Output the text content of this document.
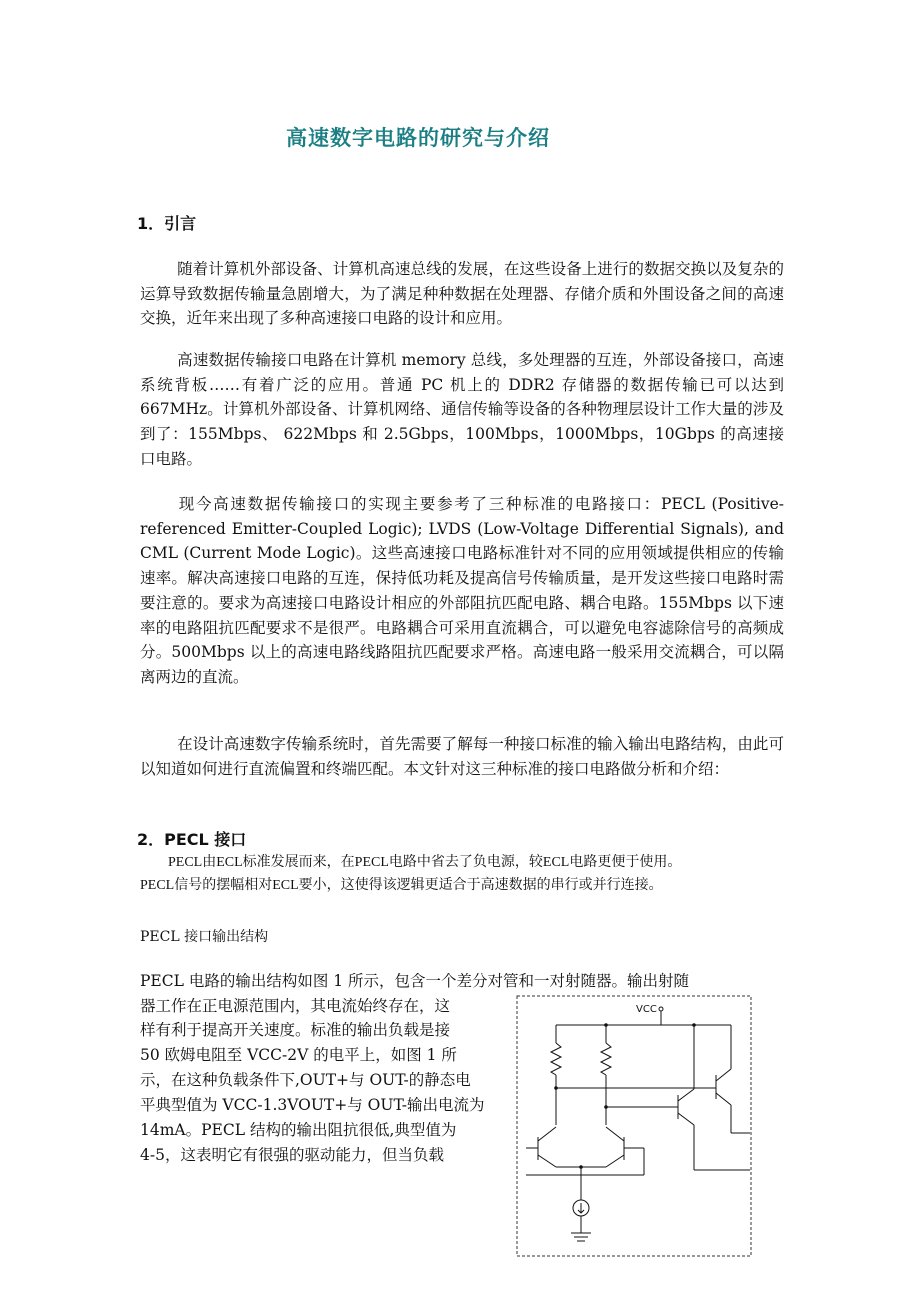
高速数字电路的研究与介绍
1．引言
随着计算机外部设备、计算机高速总线的发展，在这些设备上进行的数据交换以及复杂的运算导致数据传输量急剧增大，为了满足种种数据在处理器、存储介质和外围设备之间的高速交换，近年来出现了多种高速接口电路的设计和应用。
高速数据传输接口电路在计算机 memory 总线，多处理器的互连，外部设备接口，高速系统背板……有着广泛的应用。普通 PC 机上的 DDR2 存储器的数据传输已可以达到 667MHz。计算机外部设备、计算机网络、通信传输等设备的各种物理层设计工作大量的涉及到了：155Mbps、 622Mbps 和 2.5Gbps，100Mbps，1000Mbps，10Gbps 的高速接口电路。
现今高速数据传输接口的实现主要参考了三种标准的电路接口：PECL (Positive-referenced Emitter-Coupled Logic); LVDS (Low-Voltage Differential Signals), and CML (Current Mode Logic)。这些高速接口电路标准针对不同的应用领域提供相应的传输速率。解决高速接口电路的互连，保持低功耗及提高信号传输质量，是开发这些接口电路时需要注意的。要求为高速接口电路设计相应的外部阻抗匹配电路、耦合电路。155Mbps 以下速率的电路阻抗匹配要求不是很严。电路耦合可采用直流耦合，可以避免电容滤除信号的高频成分。500Mbps 以上的高速电路线路阻抗匹配要求严格。高速电路一般采用交流耦合，可以隔离两边的直流。
在设计高速数字传输系统时，首先需要了解每一种接口标准的输入输出电路结构，由此可以知道如何进行直流偏置和终端匹配。本文针对这三种标准的接口电路做分析和介绍：
2．PECL 接口
PECL由ECL标准发展而来，在PECL电路中省去了负电源，较ECL电路更便于使用。
PECL信号的摆幅相对ECL要小，这使得该逻辑更适合于高速数据的串行或并行连接。
PECL 接口输出结构
PECL 电路的输出结构如图 1 所示，包含一个差分对管和一对射随器。输出射随
器工作在正电源范围内，其电流始终存在，这
样有利于提高开关速度。标准的输出负载是接
50 欧姆电阻至 VCC-2V 的电平上，如图 1 所
示，在这种负载条件下,OUT+与 OUT-的静态电
平典型值为 VCC-1.3VOUT+与 OUT-输出电流为
14mA。PECL 结构的输出阻抗很低,典型值为
4-5，这表明它有很强的驱动能力，但当负载
VCC
